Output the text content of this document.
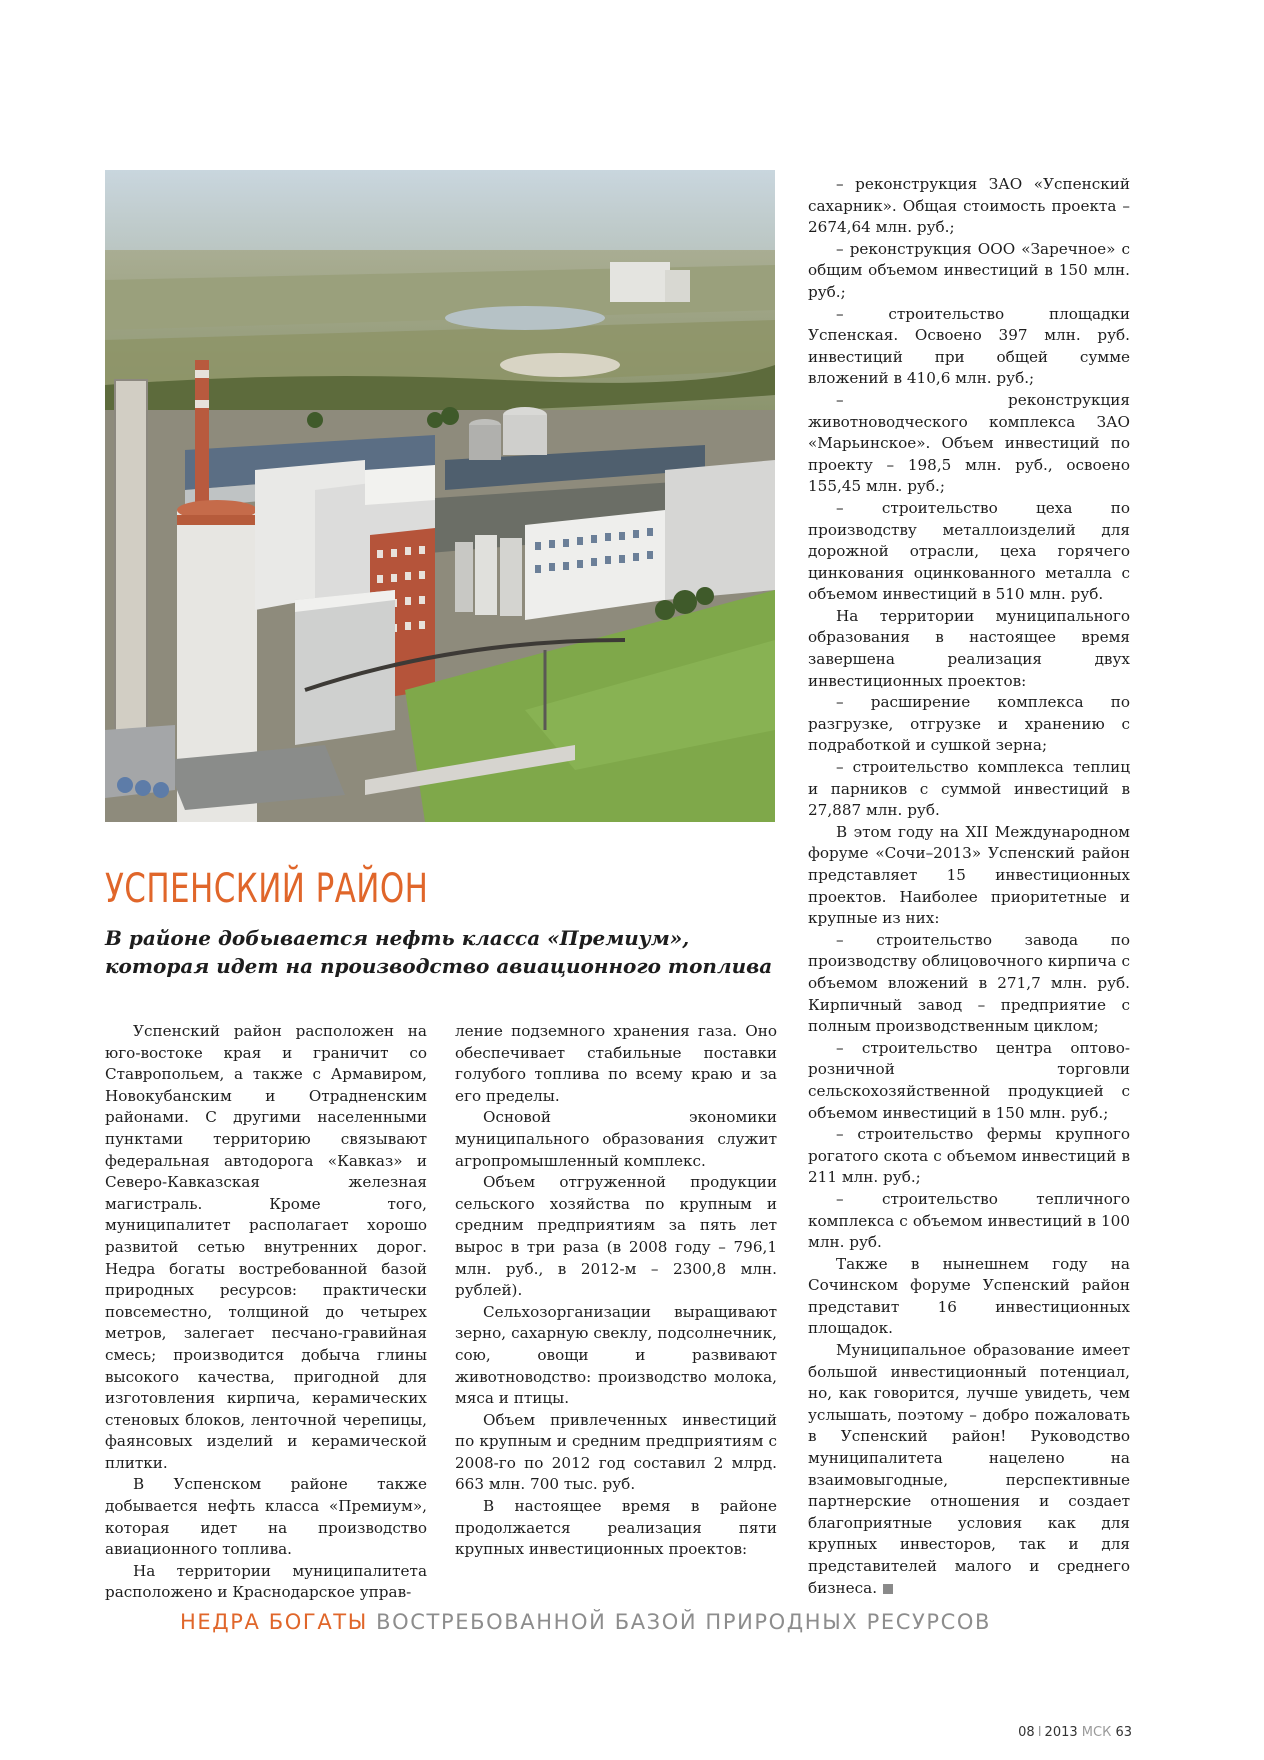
УСПЕНСКИЙ РАЙОН
В районе добывается нефть класса «Премиум»,
которая идет на производство авиационного топлива

Успенский район расположен на юго-востоке края и граничит со Ставропольем, а также с Армавиром, Новокубанским и Отрадненским районами. С другими населенными пунктами территорию связывают федеральная автодорога «Кавказ» и Северо-Кавказская железная магистраль. Кроме того, муниципалитет располагает хорошо развитой сетью внутренних дорог. Недра богаты востребованной базой природных ресурсов: практически повсеместно, толщиной до четырех метров, залегает песчано-гравийная смесь; производится добыча глины высокого качества, пригодной для изготовления кирпича, керамических стеновых блоков, ленточной черепицы, фаянсовых изделий и керамической плитки.

В Успенском районе также добывается нефть класса «Премиум», которая идет на производство авиационного топлива.

На территории муниципалитета расположено и Краснодарское управ-

ление подземного хранения газа. Оно обеспечивает стабильные поставки голубого топлива по всему краю и за его пределы.

Основой экономики муниципального образования служит агропромышленный комплекс.

Объем отгруженной продукции сельского хозяйства по крупным и средним предприятиям за пять лет вырос в три раза (в 2008 году – 796,1 млн. руб., в 2012-м – 2300,8 млн. рублей).

Сельхозорганизации выращивают зерно, сахарную свеклу, подсолнечник, сою, овощи и развивают животноводство: производство молока, мяса и птицы.

Объем привлеченных инвестиций по крупным и средним предприятиям с 2008-го по 2012 год составил 2 млрд. 663 млн. 700 тыс. руб.

В настоящее время в районе продолжается реализация пяти крупных инвестиционных проектов:

– реконструкция ЗАО «Успенский сахарник». Общая стоимость проекта – 2674,64 млн. руб.;

– реконструкция ООО «Заречное» с общим объемом инвестиций в 150 млн. руб.;

– строительство площадки Успенская. Освоено 397 млн. руб. инвестиций при общей сумме вложений в 410,6 млн. руб.;

– реконструкция животноводческого комплекса ЗАО «Марьинское». Объем инвестиций по проекту – 198,5 млн. руб., освоено 155,45 млн. руб.;

– строительство цеха по производству металлоизделий для дорожной отрасли, цеха горячего цинкования оцинкованного металла с объемом инвестиций в 510 млн. руб.

На территории муниципального образования в настоящее время завершена реализация двух инвестиционных проектов:

– расширение комплекса по разгрузке, отгрузке и хранению с подработкой и сушкой зерна;

– строительство комплекса теплиц и парников с суммой инвестиций в 27,887 млн. руб.

В этом году на XII Международном форуме «Сочи–2013» Успенский район представляет 15 инвестиционных проектов. Наиболее приоритетные и крупные из них:

– строительство завода по производству облицовочного кирпича с объемом вложений в 271,7 млн. руб. Кирпичный завод – предприятие с полным производственным циклом;

– строительство центра оптово-розничной торговли сельскохозяйственной продукцией с объемом инвестиций в 150 млн. руб.;

– строительство фермы крупного рогатого скота с объемом инвестиций в 211 млн. руб.;

– строительство тепличного комплекса с объемом инвестиций в 100 млн. руб.

Также в нынешнем году на Сочинском форуме Успенский район представит 16 инвестиционных площадок.

Муниципальное образование имеет большой инвестиционный потенциал, но, как говорится, лучше увидеть, чем услышать, поэтому – добро пожаловать в Успенский район! Руководство муниципалитета нацелено на взаимовыгодные, перспективные партнерские отношения и создает благоприятные условия как для крупных инвесторов, так и для представителей малого и среднего бизнеса.

НЕДРА БОГАТЫ ВОСТРЕБОВАННОЙ БАЗОЙ ПРИРОДНЫХ РЕСУРСОВ
08 I 2013 МСК 63
